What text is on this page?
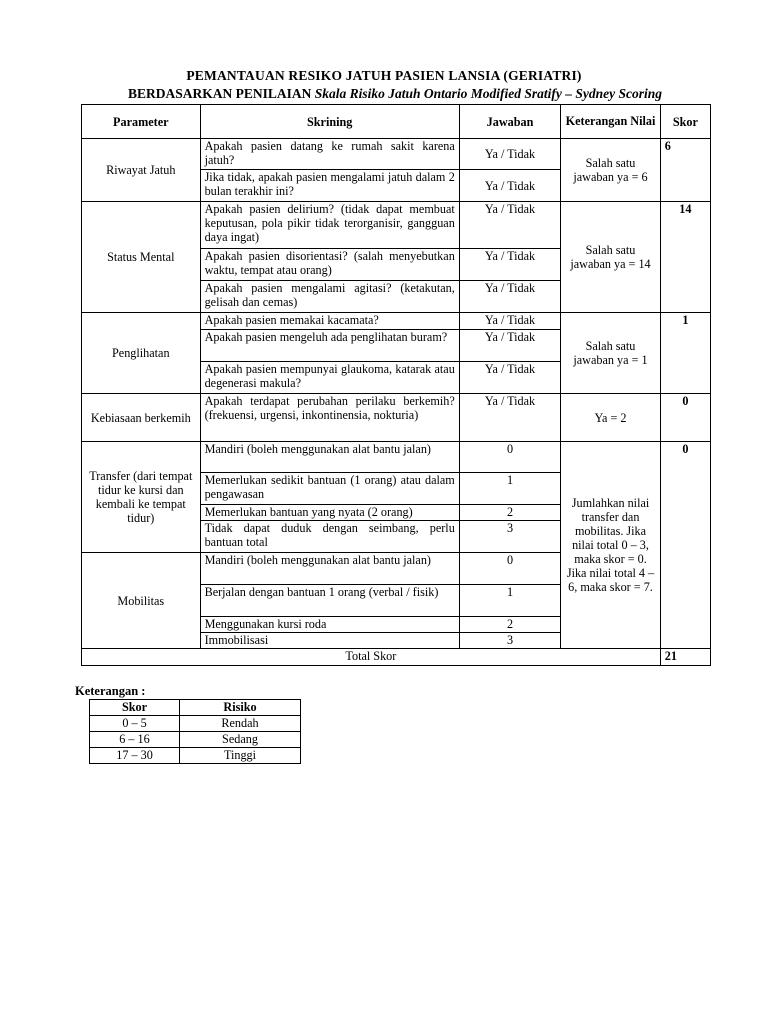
PEMANTAUAN RESIKO JATUH PASIEN LANSIA (GERIATRI)
BERDASARKAN PENILAIAN Skala Risiko Jatuh Ontario Modified Sratify – Sydney Scoring
Parameter	Skrining	Jawaban	Keterangan Nilai	Skor
Riwayat Jatuh	Apakah pasien datang ke rumah sakit karena jatuh?	Ya / Tidak	Salah satu jawaban ya = 6	6
	Jika tidak, apakah pasien mengalami jatuh dalam 2 bulan terakhir ini?	Ya / Tidak		
Status Mental	Apakah pasien delirium? (tidak dapat membuat keputusan, pola pikir tidak terorganisir, gangguan daya ingat)	Ya / Tidak	Salah satu jawaban ya = 14	14
	Apakah pasien disorientasi? (salah menyebutkan waktu, tempat atau orang)	Ya / Tidak		
	Apakah pasien mengalami agitasi? (ketakutan, gelisah dan cemas)	Ya / Tidak		
Penglihatan	Apakah pasien memakai kacamata?	Ya / Tidak	Salah satu jawaban ya = 1	1
	Apakah pasien mengeluh ada penglihatan buram?	Ya / Tidak		
	Apakah pasien mempunyai glaukoma, katarak atau degenerasi makula?	Ya / Tidak		
Kebiasaan berkemih	Apakah terdapat perubahan perilaku berkemih? (frekuensi, urgensi, inkontinensia, nokturia)	Ya / Tidak	Ya = 2	0
Transfer (dari tempat tidur ke kursi dan kembali ke tempat tidur)	Mandiri (boleh menggunakan alat bantu jalan)	0	Jumlahkan nilai transfer dan mobilitas. Jika nilai total 0 – 3, maka skor = 0. Jika nilai total 4 – 6, maka skor = 7.	0
	Memerlukan sedikit bantuan (1 orang) atau dalam pengawasan	1		
	Memerlukan bantuan yang nyata (2 orang)	2		
	Tidak dapat duduk dengan seimbang, perlu bantuan total	3		
Mobilitas	Mandiri (boleh menggunakan alat bantu jalan)	0		
	Berjalan dengan bantuan 1 orang (verbal / fisik)	1		
	Menggunakan kursi roda	2		
	Immobilisasi	3		
Total Skor				21
Keterangan :
Skor	Risiko
0 – 5	Rendah
6 – 16	Sedang
17 – 30	Tinggi
